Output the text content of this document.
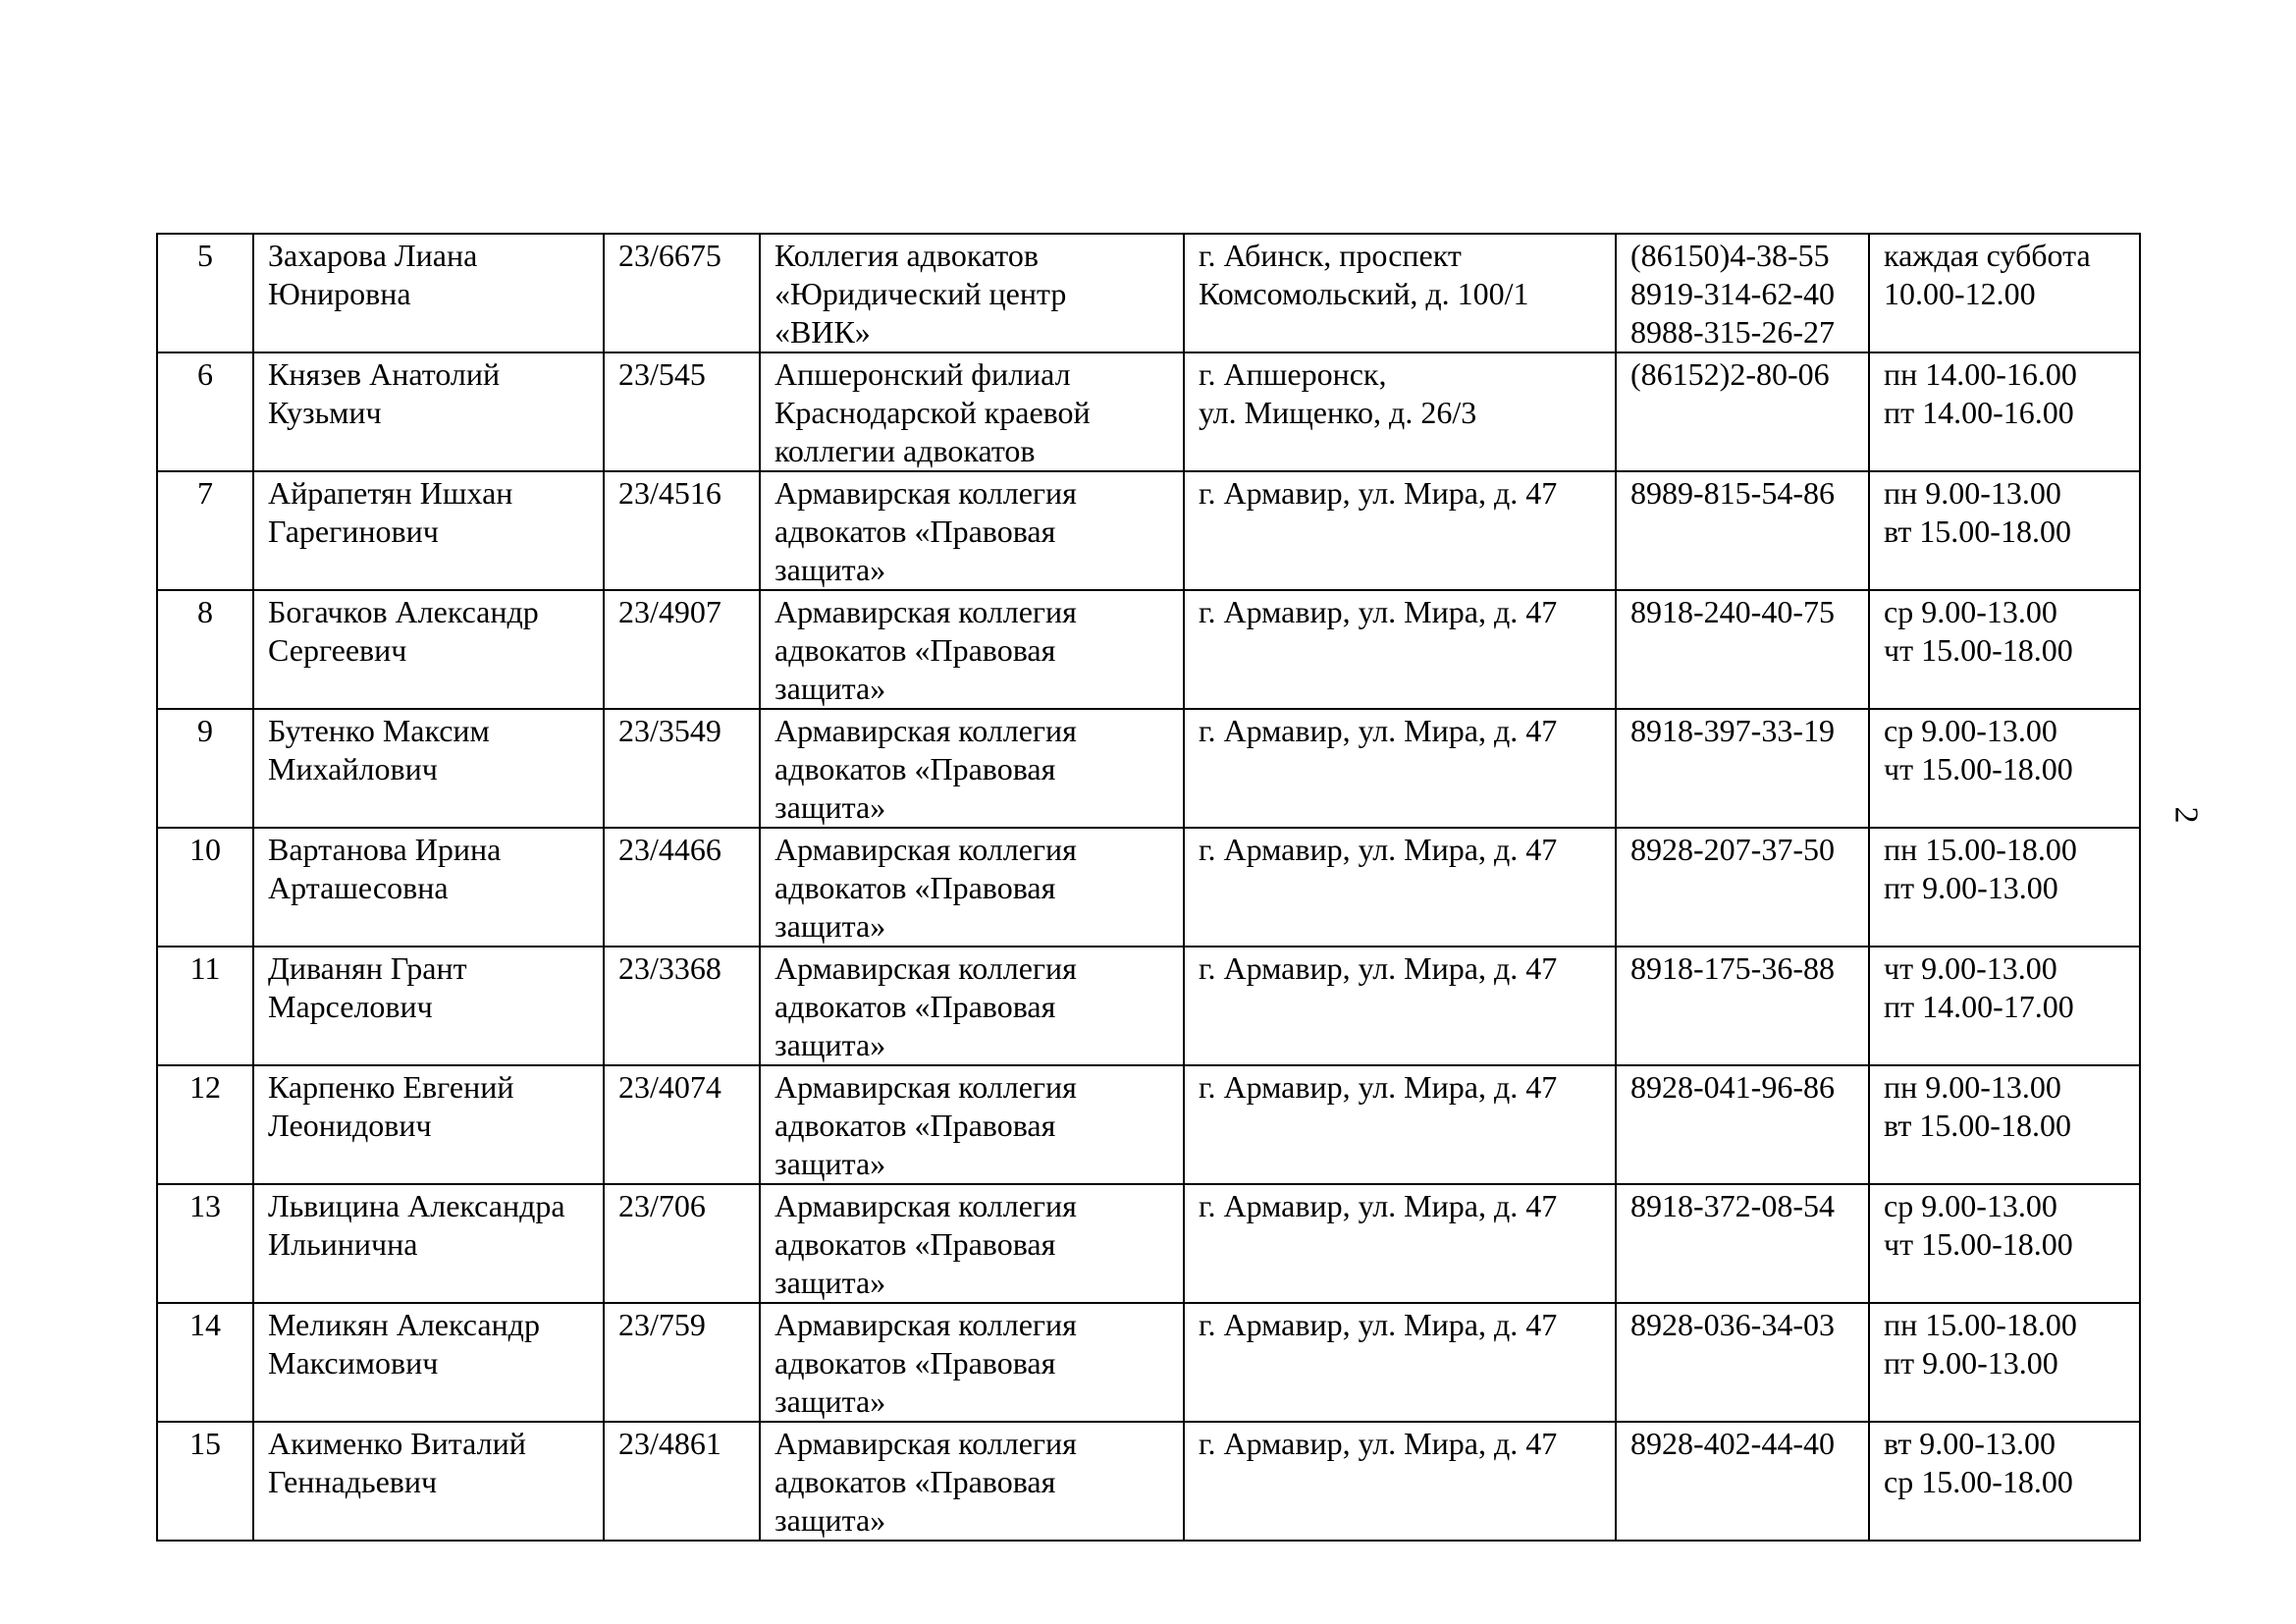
5	Захарова Лиана
Юнировна	23/6675	Коллегия адвокатов
«Юридический центр
«ВИК»	г. Абинск, проспект
Комсомольский, д. 100/1	(86150)4-38-55
8919-314-62-40
8988-315-26-27	каждая суббота
10.00-12.00
6	Князев Анатолий
Кузьмич	23/545	Апшеронский филиал
Краснодарской краевой
коллегии адвокатов	г. Апшеронск,
ул. Мищенко, д. 26/3	(86152)2-80-06	пн 14.00-16.00
пт 14.00-16.00
7	Айрапетян Ишхан
Гарегинович	23/4516	Армавирская коллегия
адвокатов «Правовая
защита»	г. Армавир, ул. Мира, д. 47	8989-815-54-86	пн 9.00-13.00
вт 15.00-18.00
8	Богачков Александр
Сергеевич	23/4907	Армавирская коллегия
адвокатов «Правовая
защита»	г. Армавир, ул. Мира, д. 47	8918-240-40-75	ср 9.00-13.00
чт 15.00-18.00
9	Бутенко Максим
Михайлович	23/3549	Армавирская коллегия
адвокатов «Правовая
защита»	г. Армавир, ул. Мира, д. 47	8918-397-33-19	ср 9.00-13.00
чт 15.00-18.00
10	Вартанова Ирина
Арташесовна	23/4466	Армавирская коллегия
адвокатов «Правовая
защита»	г. Армавир, ул. Мира, д. 47	8928-207-37-50	пн 15.00-18.00
пт 9.00-13.00
11	Диванян Грант
Марселович	23/3368	Армавирская коллегия
адвокатов «Правовая
защита»	г. Армавир, ул. Мира, д. 47	8918-175-36-88	чт 9.00-13.00
пт 14.00-17.00
12	Карпенко Евгений
Леонидович	23/4074	Армавирская коллегия
адвокатов «Правовая
защита»	г. Армавир, ул. Мира, д. 47	8928-041-96-86	пн 9.00-13.00
вт 15.00-18.00
13	Львицина Александра
Ильинична	23/706	Армавирская коллегия
адвокатов «Правовая
защита»	г. Армавир, ул. Мира, д. 47	8918-372-08-54	ср 9.00-13.00
чт 15.00-18.00
14	Меликян Александр
Максимович	23/759	Армавирская коллегия
адвокатов «Правовая
защита»	г. Армавир, ул. Мира, д. 47	8928-036-34-03	пн 15.00-18.00
пт 9.00-13.00
15	Акименко Виталий
Геннадьевич	23/4861	Армавирская коллегия
адвокатов «Правовая
защита»	г. Армавир, ул. Мира, д. 47	8928-402-44-40	вт 9.00-13.00
ср 15.00-18.00
2
